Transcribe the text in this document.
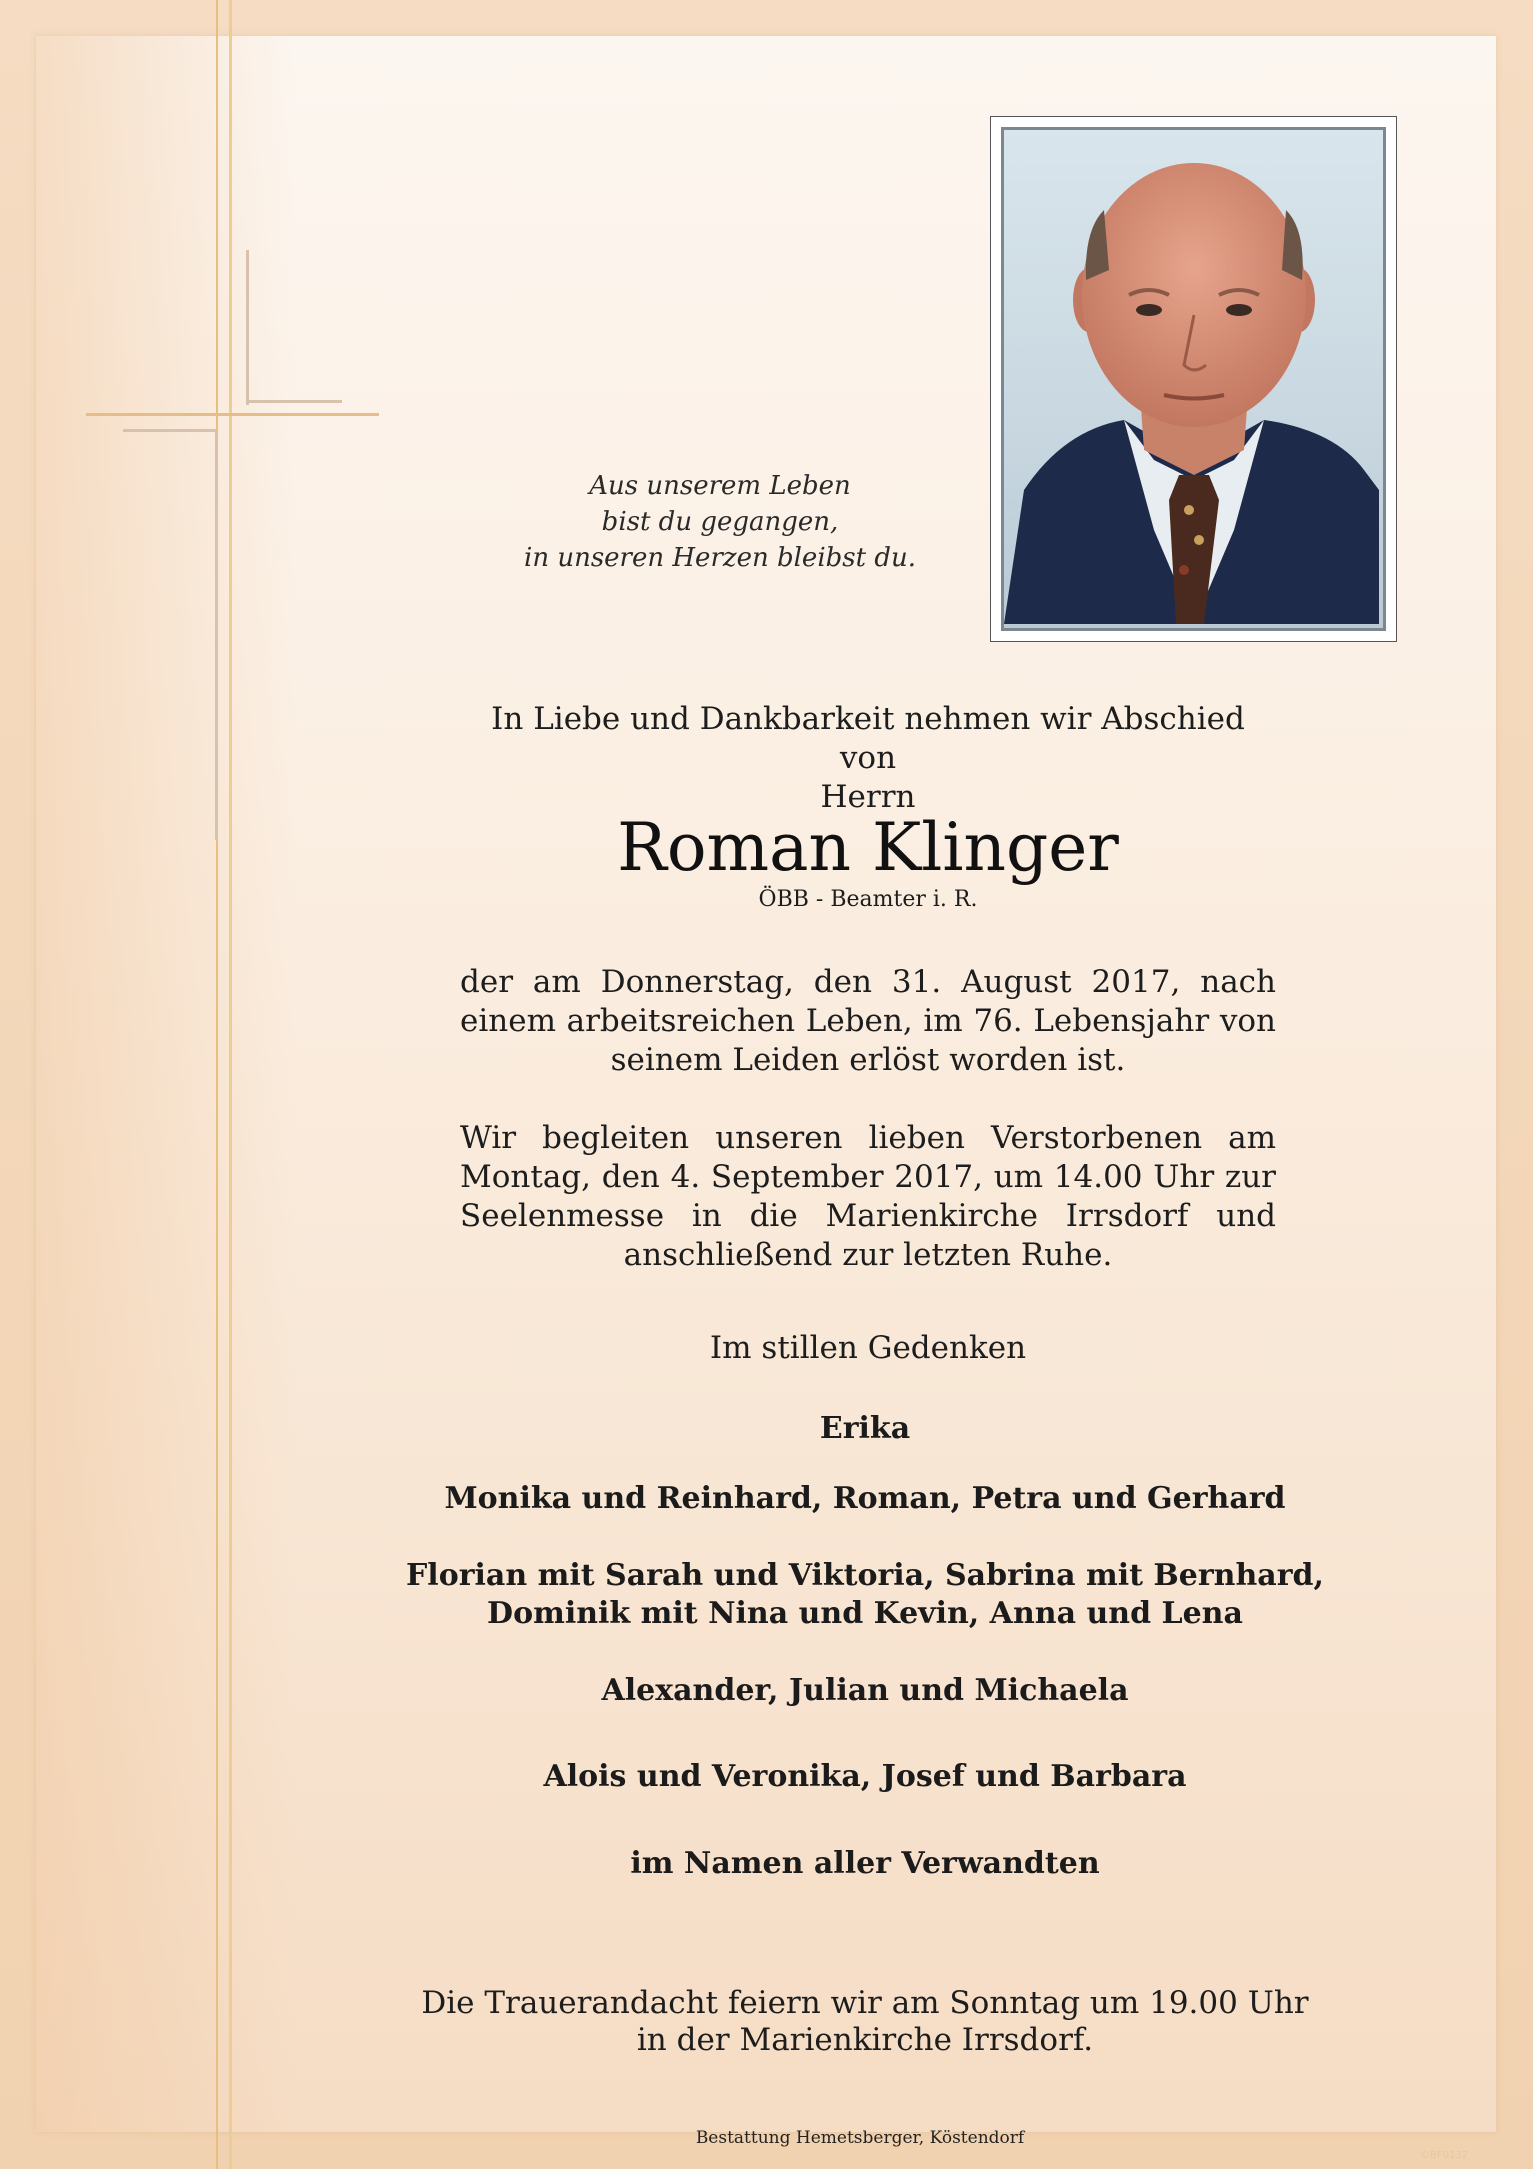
Aus unserem Leben
bist du gegangen,
in unseren Herzen bleibst du.
In Liebe und Dankbarkeit nehmen wir Abschied von
Herrn
Roman Klinger
ÖBB - Beamter i. R.
der am Donnerstag, den 31. August 2017, nach einem arbeitsreichen Leben, im 76. Lebensjahr von seinem Leiden erlöst worden ist.
Wir begleiten unseren lieben Verstorbenen am Montag, den 4. September 2017, um 14.00 Uhr zur Seelenmesse in die Marienkirche Irrsdorf und anschließend zur letzten Ruhe.
Im stillen Gedenken
Erika
Monika und Reinhard, Roman, Petra und Gerhard
Florian mit Sarah und Viktoria, Sabrina mit Bernhard,
Dominik mit Nina und Kevin, Anna und Lena
Alexander, Julian und Michaela
Alois und Veronika, Josef und Barbara
im Namen aller Verwandten
Die Trauerandacht feiern wir am Sonntag um 19.00 Uhr
in der Marienkirche Irrsdorf.
Bestattung Hemetsberger, Köstendorf
©BF0132
